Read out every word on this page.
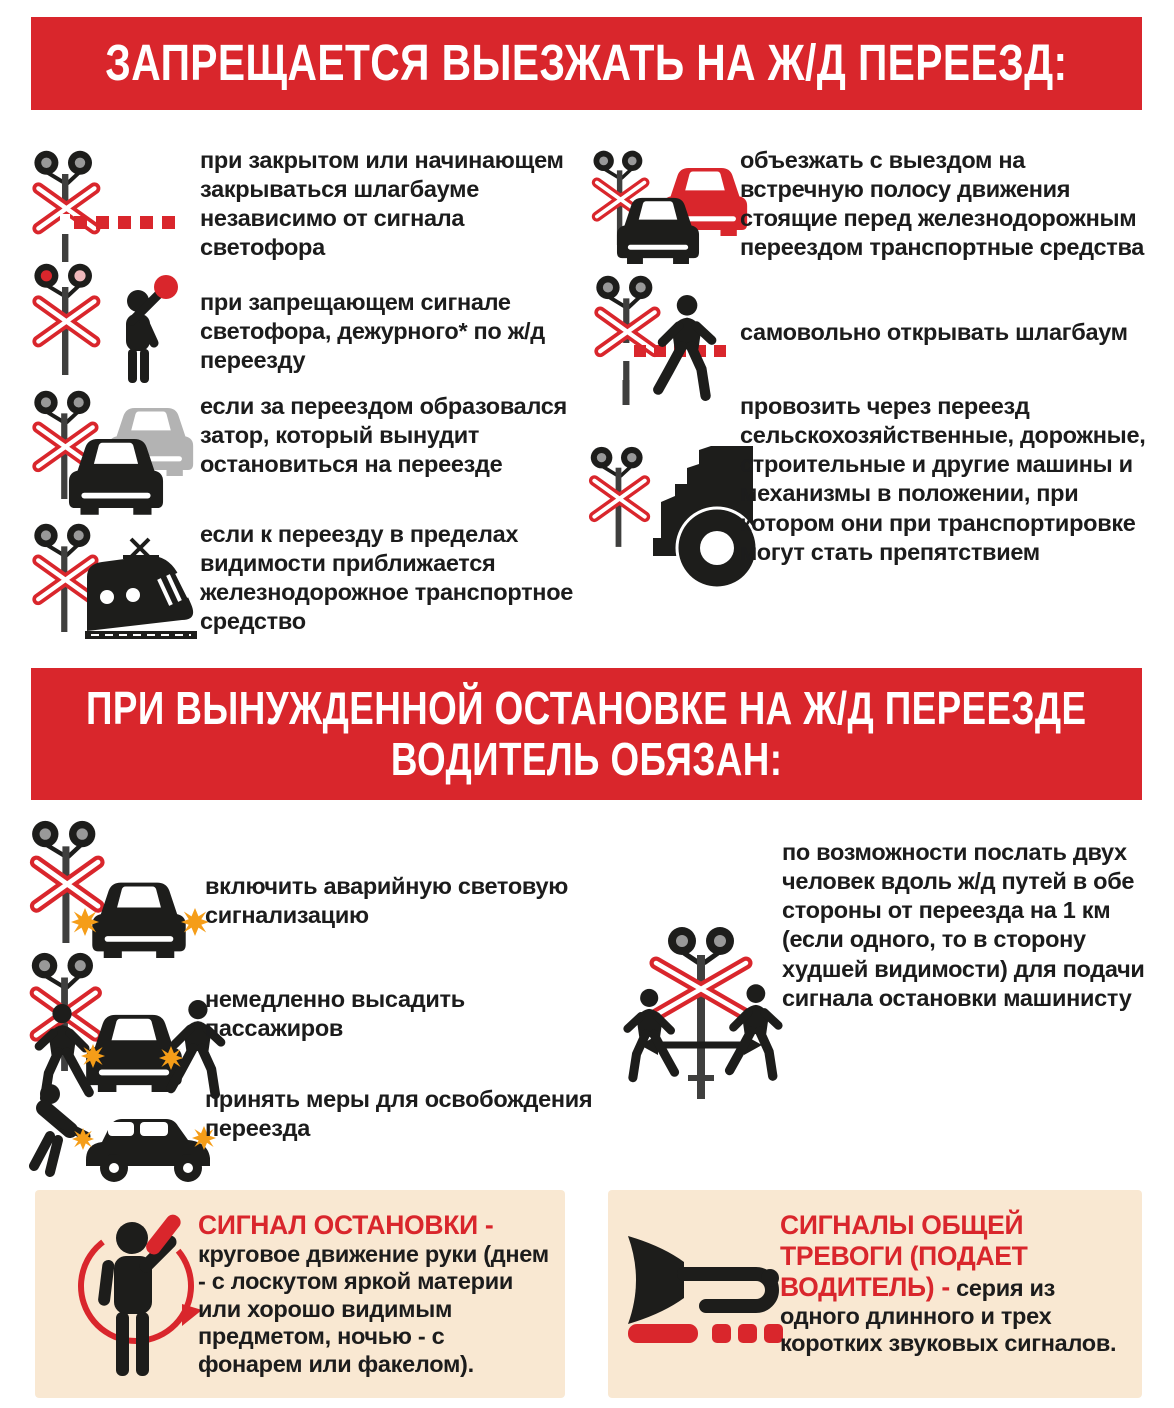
ЗАПРЕЩАЕТСЯ ВЫЕЗЖАТЬ НА Ж/Д ПЕРЕЕЗД:
при закрытом или начинающем закрываться шлагбауме независимо от сигнала светофора
при запрещающем сигнале светофора, дежурного* по ж/д переезду
если за переездом образовался затор, который вынудит остановиться на переезде
если к переезду в пределах видимости приближается железнодорожное транспортное средство
объезжать с выездом на встречную полосу движения стоящие перед железнодорожным переездом транспортные средства
самовольно открывать шлагбаум
провозить через переезд сельскохозяйственные, дорожные, строительные и другие машины и механизмы в положении, при котором они при транспортировке могут стать препятствием
ПРИ ВЫНУЖДЕННОЙ ОСТАНОВКЕ НА Ж/Д ПЕРЕЕЗДЕ
ВОДИТЕЛЬ ОБЯЗАН:
включить аварийную световую сигнализацию
немедленно высадить пассажиров
принять меры для освобождения переезда
по возможности послать двух человек вдоль ж/д путей в обе стороны от переезда на 1 км (если одного, то в сторону худшей видимости) для подачи сигнала остановки машинисту
СИГНАЛ ОСТАНОВКИ - круговое движение руки (днем - с лоскутом яркой материи или хорошо видимым предметом, ночью - с фонарем или факелом).
СИГНАЛЫ ОБЩЕЙ ТРЕВОГИ (ПОДАЕТ ВОДИТЕЛЬ) - серия из одного длинного и трех коротких звуковых сигналов.
